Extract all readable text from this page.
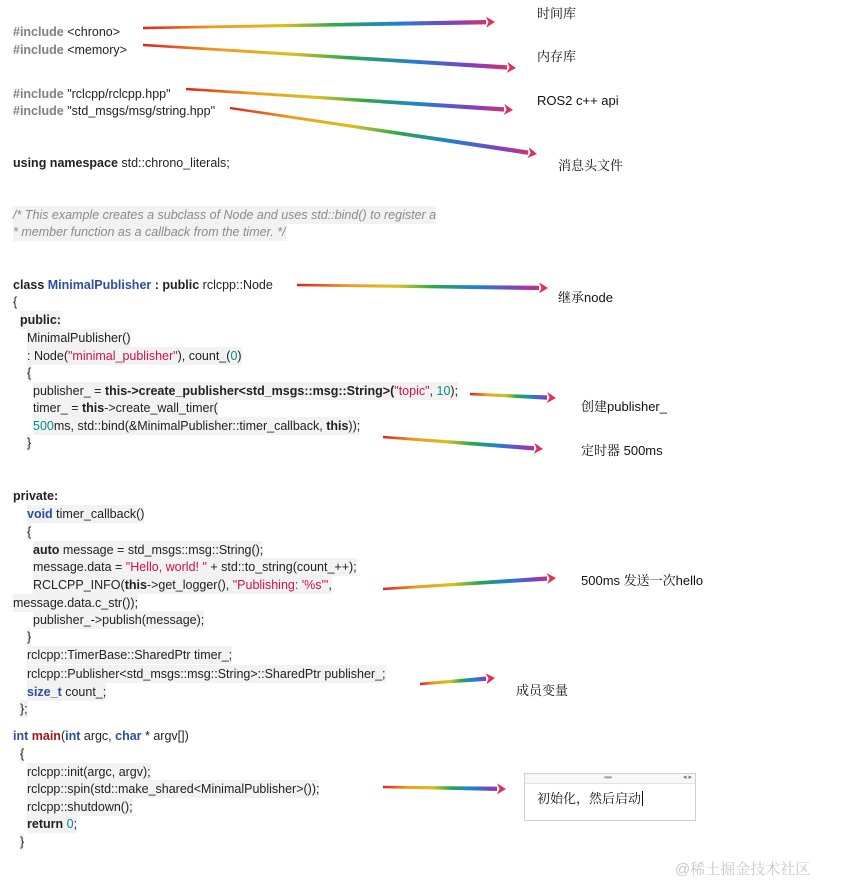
#include <chrono>
#include <memory>
#include "rclcpp/rclcpp.hpp"
#include "std_msgs/msg/string.hpp"
using namespace std::chrono_literals;
/* This example creates a subclass of Node and uses std::bind() to register a
* member function as a callback from the timer. */
class MinimalPublisher : public rclcpp::Node
{
public:
MinimalPublisher()
: Node("minimal_publisher"), count_(0)
{
publisher_ = this->create_publisher<std_msgs::msg::String>("topic", 10);
timer_ = this->create_wall_timer(
500ms, std::bind(&MinimalPublisher::timer_callback, this));
}
private:
void timer_callback()
{
auto message = std_msgs::msg::String();
message.data = "Hello, world! " + std::to_string(count_++);
RCLCPP_INFO(this->get_logger(), "Publishing: '%s'",
message.data.c_str());
publisher_->publish(message);
}
rclcpp::TimerBase::SharedPtr timer_;
rclcpp::Publisher<std_msgs::msg::String>::SharedPtr publisher_;
size_t count_;
};
int main(int argc, char * argv[])
{
rclcpp::init(argc, argv);
rclcpp::spin(std::make_shared<MinimalPublisher>());
rclcpp::shutdown();
return 0;
}
时间库
内存库
ROS2 c++ api
消息头文件
继承node
创建publisher_
定时器 500ms
500ms 发送一次hello
成员变量
••••	◂ ▸
初始化，然后启动
@稀土掘金技术社区
